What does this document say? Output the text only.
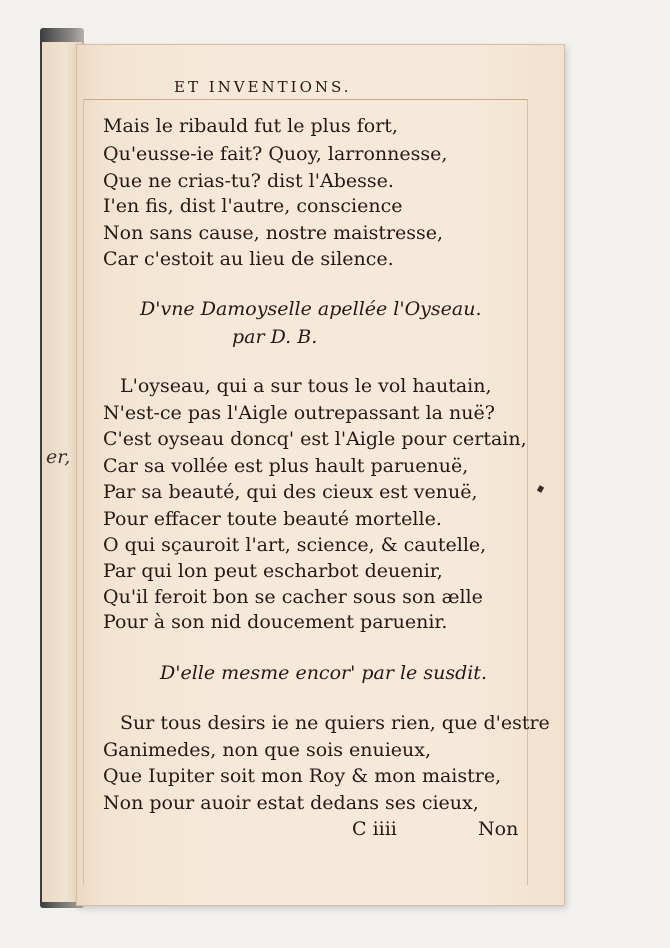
er,
ET INVENTIONS.
Mais le ribauld fut le plus fort,
Qu'eusse-ie fait? Quoy, larronnesse,
Que ne crias-tu? dist l'Abesse.
I'en fis, dist l'autre, conscience
Non sans cause, nostre maistresse,
Car c'estoit au lieu de silence.
D'vne Damoyselle apellée l'Oyseau.
par D. B.
L'oyseau, qui a sur tous le vol hautain,
N'est-ce pas l'Aigle outrepassant la nuë?
C'est oyseau doncq' est l'Aigle pour certain,
Car sa vollée est plus hault paruenuë,
Par sa beauté, qui des cieux est venuë,
Pour effacer toute beauté mortelle.
O qui sçauroit l'art, science, & cautelle,
Par qui lon peut escharbot deuenir,
Qu'il feroit bon se cacher sous son ælle
Pour à son nid doucement paruenir.
D'elle mesme encor' par le susdit.
Sur tous desirs ie ne quiers rien, que d'estre
Ganimedes, non que sois enuieux,
Que Iupiter soit mon Roy & mon maistre,
Non pour auoir estat dedans ses cieux,
C iiii	Non
